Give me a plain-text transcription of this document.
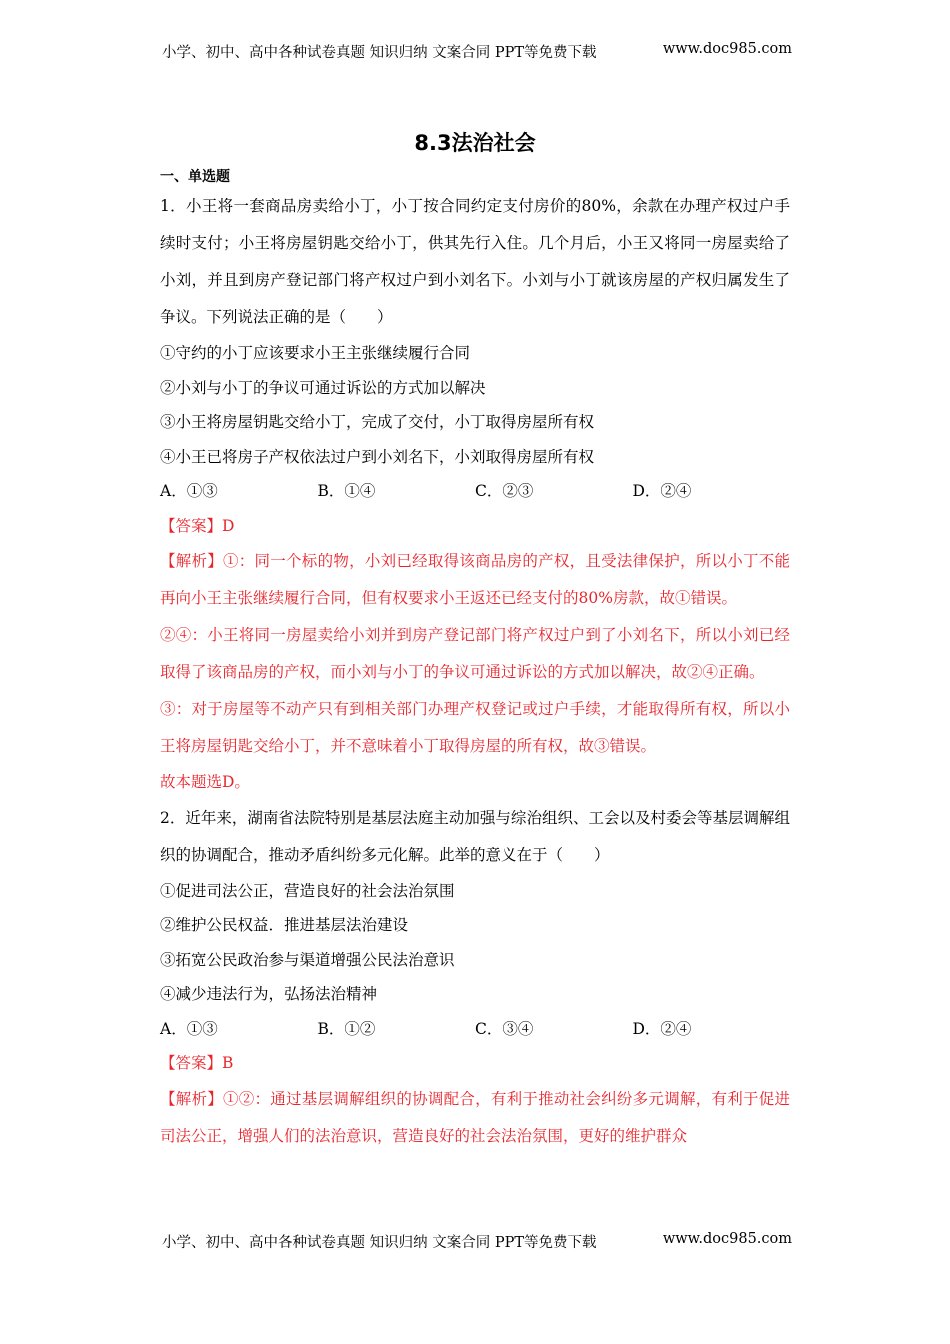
小学、初中、高中各种试卷真题 知识归纳 文案合同 PPT等免费下载	www.doc985.com
8.3法治社会
一、单选题
1．小王将一套商品房卖给小丁，小丁按合同约定支付房价的80%，余款在办理产权过户手续时支付；小王将房屋钥匙交给小丁，供其先行入住。几个月后，小王又将同一房屋卖给了小刘，并且到房产登记部门将产权过户到小刘名下。小刘与小丁就该房屋的产权归属发生了争议。下列说法正确的是（　　）
①守约的小丁应该要求小王主张继续履行合同
②小刘与小丁的争议可通过诉讼的方式加以解决
③小王将房屋钥匙交给小丁，完成了交付，小丁取得房屋所有权
④小王已将房子产权依法过户到小刘名下，小刘取得房屋所有权
A．①③	B．①④	C．②③	D．②④
【答案】D
【解析】①：同一个标的物，小刘已经取得该商品房的产权，且受法律保护，所以小丁不能再向小王主张继续履行合同，但有权要求小王返还已经支付的80%房款，故①错误。
②④：小王将同一房屋卖给小刘并到房产登记部门将产权过户到了小刘名下，所以小刘已经取得了该商品房的产权，而小刘与小丁的争议可通过诉讼的方式加以解决，故②④正确。
③：对于房屋等不动产只有到相关部门办理产权登记或过户手续，才能取得所有权，所以小王将房屋钥匙交给小丁，并不意味着小丁取得房屋的所有权，故③错误。
故本题选D。
2．近年来，湖南省法院特别是基层法庭主动加强与综治组织、工会以及村委会等基层调解组织的协调配合，推动矛盾纠纷多元化解。此举的意义在于（　　）
①促进司法公正，营造良好的社会法治氛围
②维护公民权益．推进基层法治建设
③拓宽公民政治参与渠道增强公民法治意识
④减少违法行为，弘扬法治精神
A．①③	B．①②	C．③④	D．②④
【答案】B
【解析】①②：通过基层调解组织的协调配合，有利于推动社会纠纷多元调解，有利于促进司法公正，增强人们的法治意识，营造良好的社会法治氛围，更好的维护群众
小学、初中、高中各种试卷真题 知识归纳 文案合同 PPT等免费下载	www.doc985.com
